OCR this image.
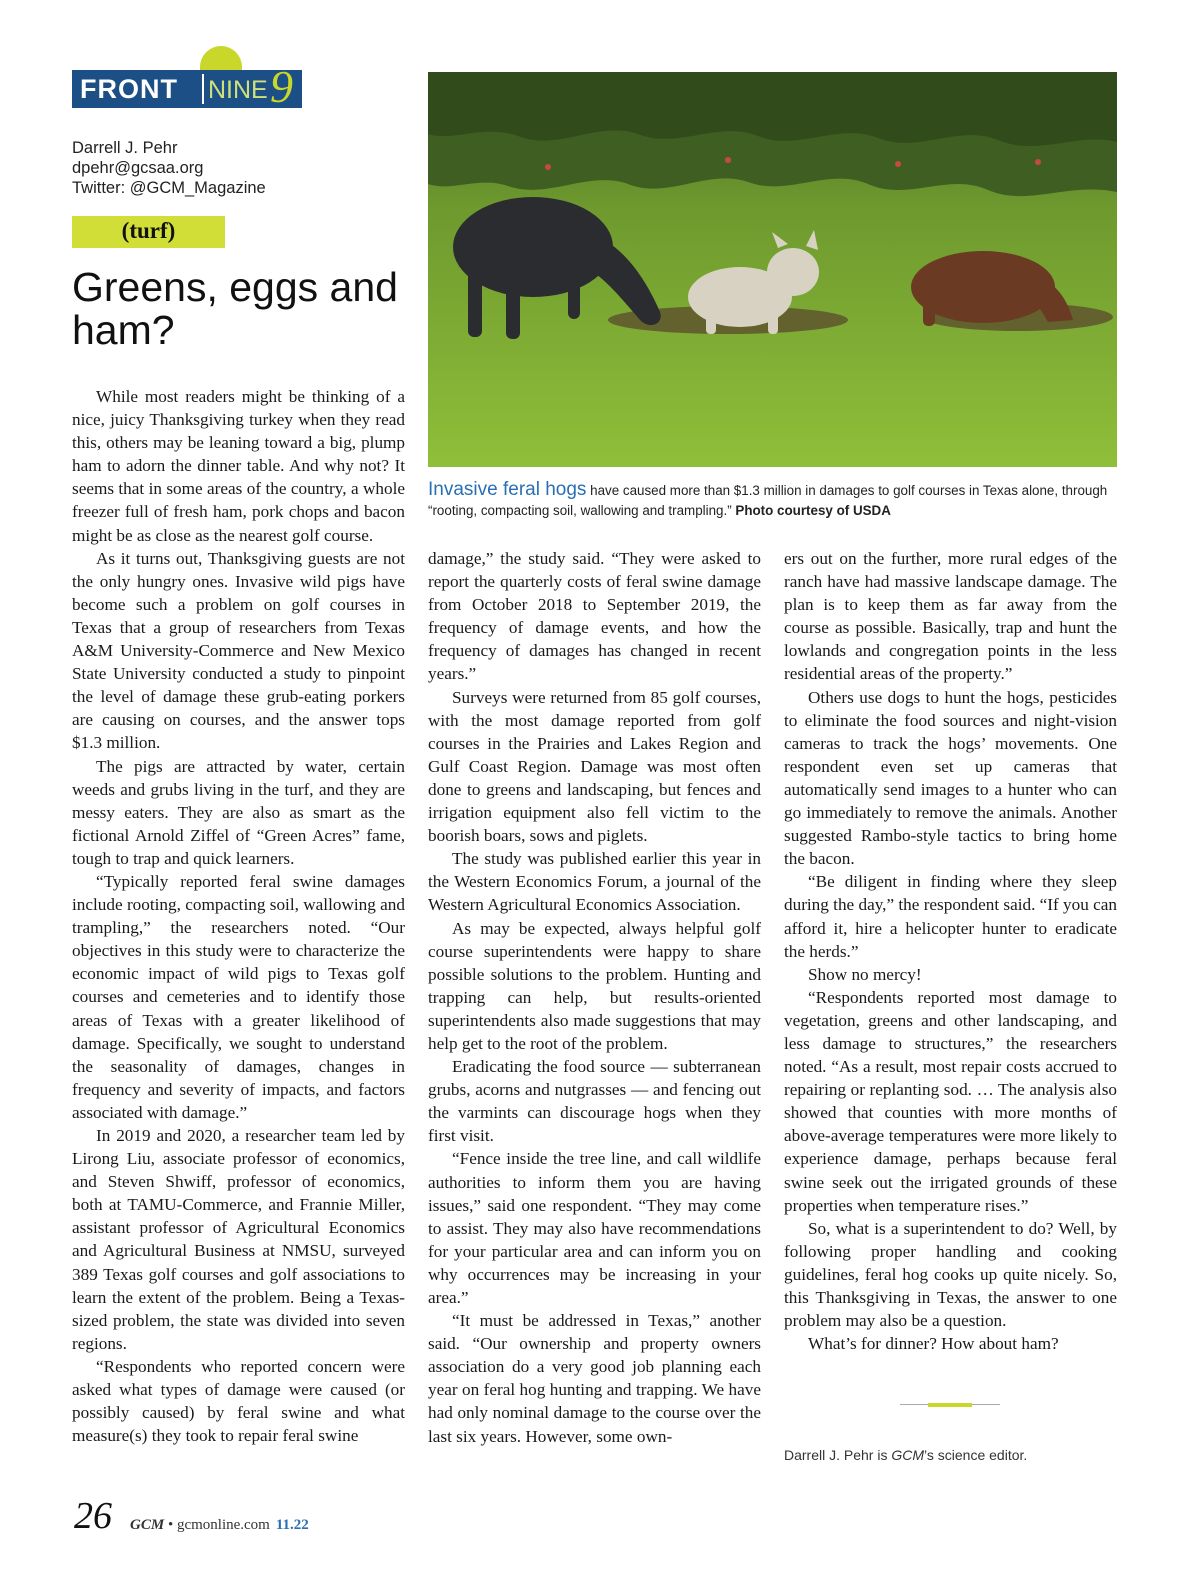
FRONT NINE 9
Darrell J. Pehr
dpehr@gcsaa.org
Twitter: @GCM_Magazine
(turf)
Greens, eggs and ham?
Invasive feral hogs have caused more than $1.3 million in damages to golf courses in Texas alone, through “rooting, compacting soil, wallowing and trampling.” Photo courtesy of USDA

While most readers might be thinking of a nice, juicy Thanksgiving turkey when they read this, others may be leaning toward a big, plump ham to adorn the dinner table. And why not? It seems that in some areas of the country, a whole freezer full of fresh ham, pork chops and bacon might be as close as the nearest golf course.

As it turns out, Thanksgiving guests are not the only hungry ones. Invasive wild pigs have become such a problem on golf courses in Texas that a group of researchers from Texas A&M University-Commerce and New Mexico State University conducted a study to pinpoint the level of damage these grub-eating porkers are causing on courses, and the answer tops $1.3 million.

The pigs are attracted by water, certain weeds and grubs living in the turf, and they are messy eaters. They are also as smart as the fictional Arnold Ziffel of “Green Acres” fame, tough to trap and quick learners.

“Typically reported feral swine damages include rooting, compacting soil, wallowing and trampling,” the researchers noted. “Our objectives in this study were to characterize the economic impact of wild pigs to Texas golf courses and cemeteries and to identify those areas of Texas with a greater likelihood of damage. Specifically, we sought to understand the seasonality of damages, changes in frequency and severity of impacts, and factors associated with damage.”

In 2019 and 2020, a researcher team led by Lirong Liu, associate professor of economics, and Steven Shwiff, professor of economics, both at TAMU-Commerce, and Frannie Miller, assistant professor of Agricultural Economics and Agricultural Business at NMSU, surveyed 389 Texas golf courses and golf associations to learn the extent of the problem. Being a Texas-sized problem, the state was divided into seven regions.

“Respondents who reported concern were asked what types of damage were caused (or possibly caused) by feral swine and what measure(s) they took to repair feral swine

damage,” the study said. “They were asked to report the quarterly costs of feral swine damage from October 2018 to September 2019, the frequency of damage events, and how the frequency of damages has changed in recent years.”

Surveys were returned from 85 golf courses, with the most damage reported from golf courses in the Prairies and Lakes Region and Gulf Coast Region. Damage was most often done to greens and landscaping, but fences and irrigation equipment also fell victim to the boorish boars, sows and piglets.

The study was published earlier this year in the Western Economics Forum, a journal of the Western Agricultural Economics Association.

As may be expected, always helpful golf course superintendents were happy to share possible solutions to the problem. Hunting and trapping can help, but results-oriented superintendents also made suggestions that may help get to the root of the problem.

Eradicating the food source — subterranean grubs, acorns and nutgrasses — and fencing out the varmints can discourage hogs when they first visit.

“Fence inside the tree line, and call wildlife authorities to inform them you are having issues,” said one respondent. “They may come to assist. They may also have recommendations for your particular area and can inform you on why occurrences may be increasing in your area.”

“It must be addressed in Texas,” another said. “Our ownership and property owners association do a very good job planning each year on feral hog hunting and trapping. We have had only nominal damage to the course over the last six years. However, some own-

ers out on the further, more rural edges of the ranch have had massive landscape damage. The plan is to keep them as far away from the course as possible. Basically, trap and hunt the lowlands and congregation points in the less residential areas of the property.”

Others use dogs to hunt the hogs, pesticides to eliminate the food sources and night-vision cameras to track the hogs’ movements. One respondent even set up cameras that automatically send images to a hunter who can go immediately to remove the animals. Another suggested Rambo-style tactics to bring home the bacon.

“Be diligent in finding where they sleep during the day,” the respondent said. “If you can afford it, hire a helicopter hunter to eradicate the herds.”

Show no mercy!

“Respondents reported most damage to vegetation, greens and other landscaping, and less damage to structures,” the researchers noted. “As a result, most repair costs accrued to repairing or replanting sod. … The analysis also showed that counties with more months of above-average temperatures were more likely to experience damage, perhaps because feral swine seek out the irrigated grounds of these properties when temperature rises.”

So, what is a superintendent to do? Well, by following proper handling and cooking guidelines, feral hog cooks up quite nicely. So, this Thanksgiving in Texas, the answer to one problem may also be a question.

What’s for dinner? How about ham?

Darrell J. Pehr is GCM’s science editor.
26 GCM • gcmonline.com 11.22
